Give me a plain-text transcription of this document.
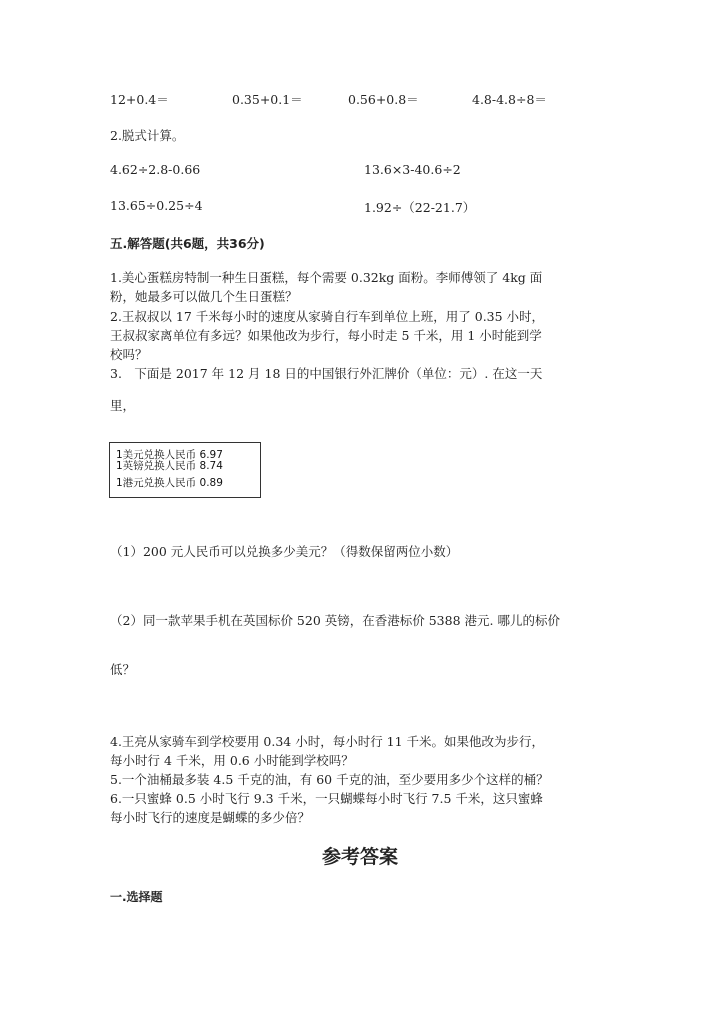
12+0.4＝	0.35+0.1＝	0.56+0.8＝	4.8-4.8÷8＝
2.脱式计算。
4.62÷2.8-0.66	13.6×3-40.6÷2
13.65÷0.25÷4	1.92÷（22-21.7）
五.解答题(共6题，共36分)
1.美心蛋糕房特制一种生日蛋糕，每个需要 0.32kg 面粉。李师傅领了 4kg 面
粉，她最多可以做几个生日蛋糕？
2.王叔叔以 17 千米每小时的速度从家骑自行车到单位上班，用了 0.35 小时，
王叔叔家离单位有多远？如果他改为步行，每小时走 5 千米，用 1 小时能到学
校吗？
3.　下面是 2017 年 12 月 18 日的中国银行外汇牌价（单位：元）. 在这一天
里，
1美元兑换人民币 6.97
1英镑兑换人民币 8.74
1港元兑换人民币 0.89
（1）200 元人民币可以兑换多少美元？（得数保留两位小数）
（2）同一款苹果手机在英国标价 520 英镑，在香港标价 5388 港元. 哪儿的标价
低？
4.王亮从家骑车到学校要用 0.34 小时，每小时行 11 千米。如果他改为步行，
每小时行 4 千米，用 0.6 小时能到学校吗？
5.一个油桶最多装 4.5 千克的油，有 60 千克的油，至少要用多少个这样的桶？
6.一只蜜蜂 0.5 小时飞行 9.3 千米，一只蝴蝶每小时飞行 7.5 千米，这只蜜蜂
每小时飞行的速度是蝴蝶的多少倍？
参考答案
一.选择题
